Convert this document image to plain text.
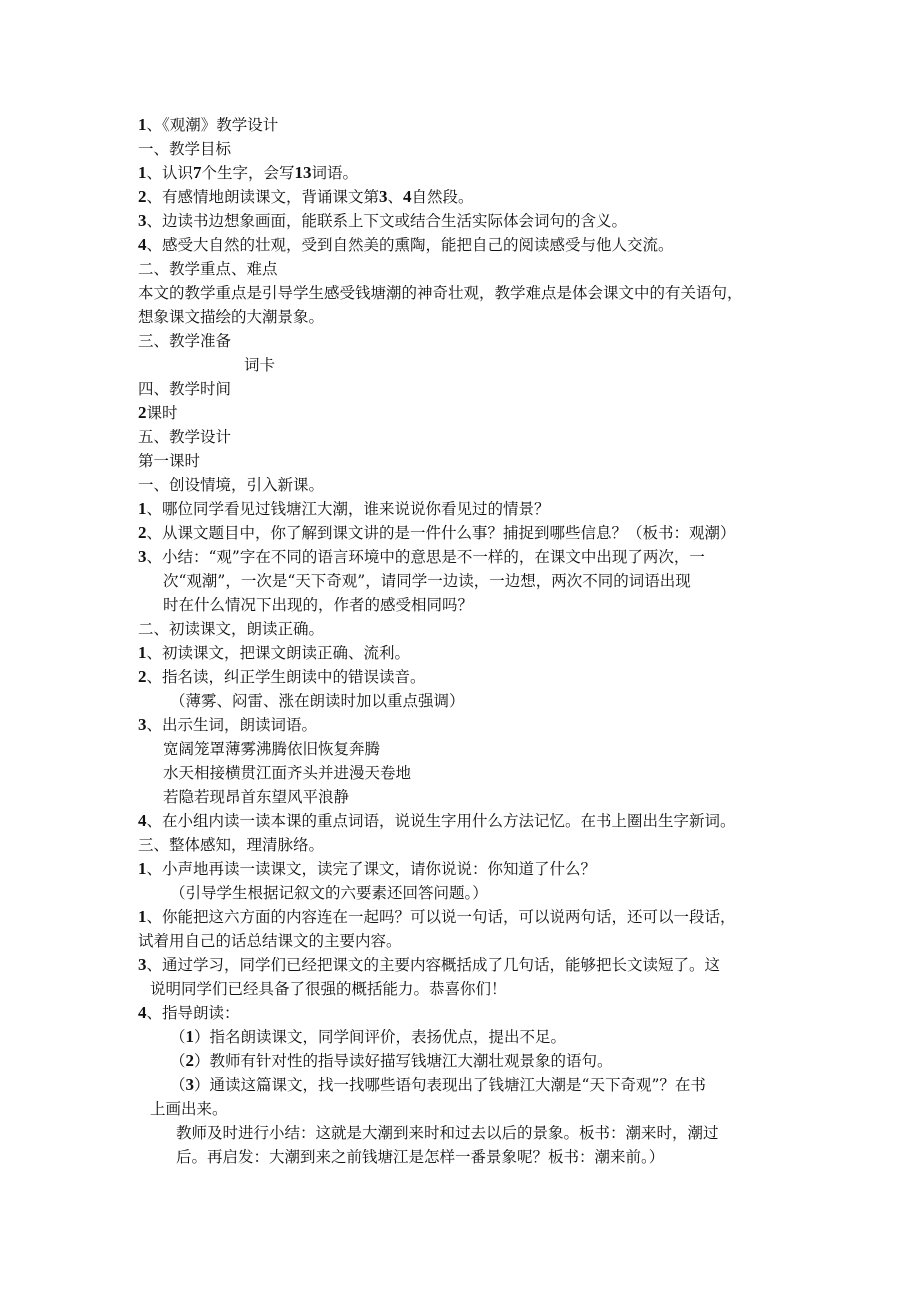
1、《观潮》教学设计
一、教学目标
1、认识7个生字，会写13词语。
2、有感情地朗读课文，背诵课文第3、4自然段。
3、边读书边想象画面，能联系上下文或结合生活实际体会词句的含义。
4、感受大自然的壮观，受到自然美的熏陶，能把自己的阅读感受与他人交流。
二、教学重点、难点
本文的教学重点是引导学生感受钱塘潮的神奇壮观，教学难点是体会课文中的有关语句，
想象课文描绘的大潮景象。
三、教学准备
词卡
四、教学时间
2课时
五、教学设计
第一课时
一、创设情境，引入新课。
1、哪位同学看见过钱塘江大潮，谁来说说你看见过的情景？
2、从课文题目中，你了解到课文讲的是一件什么事？捕捉到哪些信息？（板书：观潮）
3、小结：“观”字在不同的语言环境中的意思是不一样的，在课文中出现了两次，一
次“观潮”，一次是“天下奇观”，请同学一边读，一边想，两次不同的词语出现
时在什么情况下出现的，作者的感受相同吗？
二、初读课文，朗读正确。
1、初读课文，把课文朗读正确、流利。
2、指名读，纠正学生朗读中的错误读音。
（薄雾、闷雷、涨在朗读时加以重点强调）
3、出示生词，朗读词语。
宽阔笼罩薄雾沸腾依旧恢复奔腾
水天相接横贯江面齐头并进漫天卷地
若隐若现昂首东望风平浪静
4、在小组内读一读本课的重点词语，说说生字用什么方法记忆。在书上圈出生字新词。
三、整体感知，理清脉络。
1、小声地再读一读课文，读完了课文，请你说说：你知道了什么？
（引导学生根据记叙文的六要素还回答问题。）
1、你能把这六方面的内容连在一起吗？可以说一句话，可以说两句话，还可以一段话，
试着用自己的话总结课文的主要内容。
3、通过学习，同学们已经把课文的主要内容概括成了几句话，能够把长文读短了。这
说明同学们已经具备了很强的概括能力。恭喜你们！
4、指导朗读：
（1）指名朗读课文，同学间评价，表扬优点，提出不足。
（2）教师有针对性的指导读好描写钱塘江大潮壮观景象的语句。
（3）通读这篇课文，找一找哪些语句表现出了钱塘江大潮是“天下奇观”？在书
上画出来。
教师及时进行小结：这就是大潮到来时和过去以后的景象。板书：潮来时，潮过
后。再启发：大潮到来之前钱塘江是怎样一番景象呢？板书：潮来前。）
